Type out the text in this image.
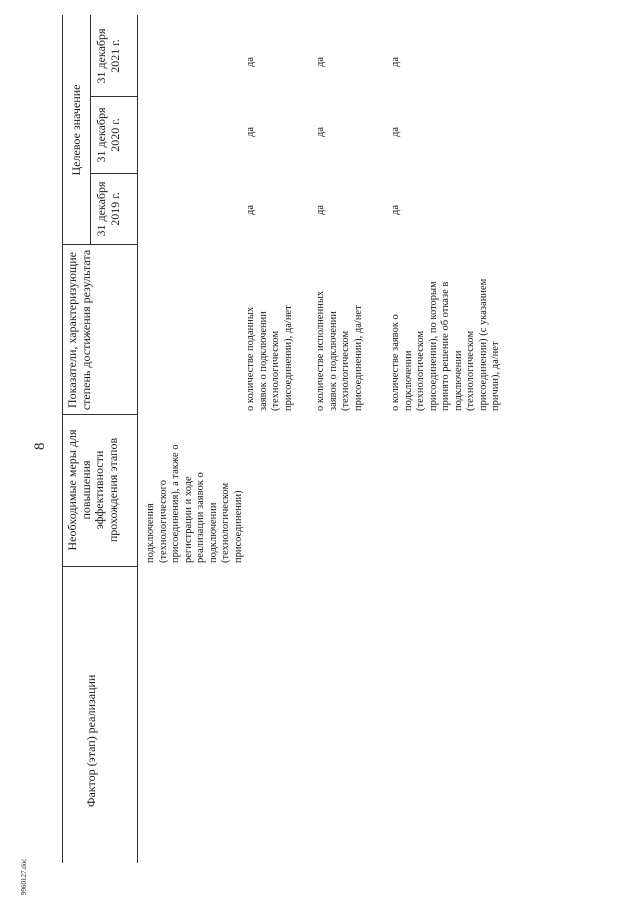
8
9960127.doc
Фактор (этап) реализации
Необходимые меры для повышения эффективности прохождения этапов
Показатели, характеризующие степень достижения результата
Целевое значение
31 декабря 2019 г.
31 декабря 2020 г.
31 декабря 2021 г.
подключения (технологического присоединения), а также о регистрации и ходе реализации заявок о подключении (технологическом присоединении)
о количестве поданных заявок о подключении (технологическом присоединении), да/нет
да
да
да
о количестве исполненных заявок о подключении (технологическом присоединении), да/нет
да
да
да
о количестве заявок о подключении (технологическом присоединении), по которым принято решение об отказе в подключении (технологическом присоединении) (с указанием причин), да/нет
да
да
да
